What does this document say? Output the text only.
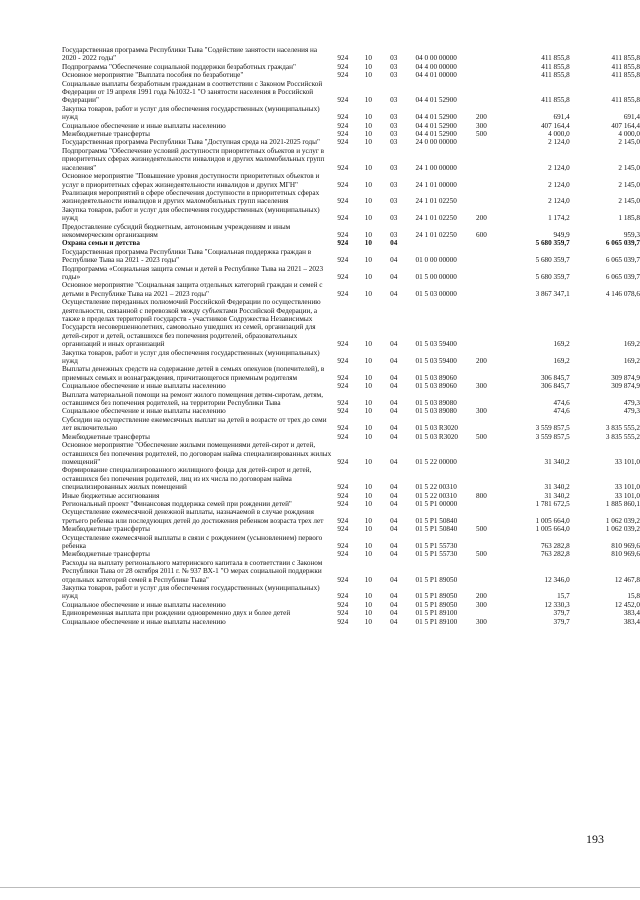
Государственная программа Республики Тыва "Содействие занятости населения на 2020 - 2022 годы"	924	10	03	04 0 00 00000	411 855,8	411 855,8
Подпрограмма "Обеспечение социальной поддержки безработных граждан"	924	10	03	04 4 00 00000	411 855,8	411 855,8
Основное мероприятие "Выплата пособия по безработице"	924	10	03	04 4 01 00000	411 855,8	411 855,8
Социальные выплаты безработным гражданам в соответствии с Законом Российской Федерации от 19 апреля 1991 года №1032-1 "О занятости населения в Российской Федерации"	924	10	03	04 4 01 52900	411 855,8	411 855,8
Закупка товаров, работ и услуг для обеспечения государственных (муниципальных) нужд	924	10	03	04 4 01 52900	200	691,4	691,4
Социальное обеспечение и иные выплаты населению	924	10	03	04 4 01 52900	300	407 164,4	407 164,4
Межбюджетные трансферты	924	10	03	04 4 01 52900	500	4 000,0	4 000,0
Государственная программа Республики Тыва "Доступная среда на 2021-2025 годы"	924	10	03	24 0 00 00000	2 124,0	2 145,0
Подпрограмма "Обеспечение условий доступности приоритетных объектов и услуг в приоритетных сферах жизнедеятельности инвалидов и других маломобильных групп населения"	924	10	03	24 1 00 00000	2 124,0	2 145,0
Основное мероприятие "Повышение уровня доступности приоритетных объектов и услуг в приоритетных сферах жизнедеятельности инвалидов и других МГН"	924	10	03	24 1 01 00000	2 124,0	2 145,0
Реализация мероприятий в сфере обеспечения доступности в приоритетных сферах жизнедеятельности инвалидов и других маломобильных групп населения	924	10	03	24 1 01 02250	2 124,0	2 145,0
Закупка товаров, работ и услуг для обеспечения государственных (муниципальных) нужд	924	10	03	24 1 01 02250	200	1 174,2	1 185,8
Предоставление субсидий бюджетным, автономным учреждениям и иным некоммерческим организациям	924	10	03	24 1 01 02250	600	949,9	959,3
Охрана семьи и детства	924	10	04	5 680 359,7	6 065 039,7
Государственная программа Республики Тыва "Социальная поддержка граждан в Республике Тыва на 2021 - 2023 годы"	924	10	04	01 0 00 00000	5 680 359,7	6 065 039,7
Подпрограмма «Социальная защита семьи и детей в Республике Тыва на 2021 – 2023 годы»	924	10	04	01 5 00 00000	5 680 359,7	6 065 039,7
Основное мероприятие "Социальная защита отдельных категорий граждан и семей с детьми в Республике Тыва на 2021 – 2023 годы"	924	10	04	01 5 03 00000	3 867 347,1	4 146 078,6
Осуществление переданных полномочий Российской Федерации по осуществлению деятельности, связанной с перевозкой между субъектами Российской Федерации, а также в пределах территорий государств - участников Содружества Независимых Государств несовершеннолетних, самовольно ушедших из семей, организаций для детей-сирот и детей, оставшихся без попечения родителей, образовательных организаций и иных организаций	924	10	04	01 5 03 59400	169,2	169,2
Закупка товаров, работ и услуг для обеспечения государственных (муниципальных) нужд	924	10	04	01 5 03 59400	200	169,2	169,2
Выплаты денежных средств на содержание детей в семьях опекунов (попечителей), в приемных семьях и вознаграждения, причитающегося приемным родителям	924	10	04	01 5 03 89060	306 845,7	309 874,9
Социальное обеспечение и иные выплаты населению	924	10	04	01 5 03 89060	300	306 845,7	309 874,9
Выплата материальной помощи на ремонт жилого помещения детям-сиротам, детям, оставшимся без попечения родителей, на территории Республики Тыва	924	10	04	01 5 03 89080	474,6	479,3
Социальное обеспечение и иные выплаты населению	924	10	04	01 5 03 89080	300	474,6	479,3
Субсидии на осуществление ежемесячных выплат на детей в возрасте от трех до семи лет включительно	924	10	04	01 5 03 R3020	3 559 857,5	3 835 555,2
Межбюджетные трансферты	924	10	04	01 5 03 R3020	500	3 559 857,5	3 835 555,2
Основное мероприятие "Обеспечение жилыми помещениями детей-сирот и детей, оставшихся без попечения родителей, по договорам найма специализированных жилых помещений"	924	10	04	01 5 22 00000	31 340,2	33 101,0
Формирование специализированного жилищного фонда для детей-сирот и детей, оставшихся без попечения родителей, лиц из их числа по договорам найма специализированных жилых помещений	924	10	04	01 5 22 00310	31 340,2	33 101,0
Иные бюджетные ассигнования	924	10	04	01 5 22 00310	800	31 340,2	33 101,0
Региональный проект "Финансовая поддержка семей при рождении детей"	924	10	04	01 5 P1 00000	1 781 672,5	1 885 860,1
Осуществление ежемесячной денежной выплаты, назначаемой в случае рождения третьего ребенка или последующих детей до достижения ребенком возраста трех лет	924	10	04	01 5 P1 50840	1 005 664,0	1 062 039,2
Межбюджетные трансферты	924	10	04	01 5 P1 50840	500	1 005 664,0	1 062 039,2
Осуществление ежемесячной выплаты в связи с рождением (усыновлением) первого ребенка	924	10	04	01 5 P1 55730	763 282,8	810 969,6
Межбюджетные трансферты	924	10	04	01 5 P1 55730	500	763 282,8	810 969,6
Расходы на выплату регионального материнского капитала в соответствии с Законом Республики Тыва от 28 октября 2011 г. № 937 ВХ-1 "О мерах социальной поддержки отдельных категорий семей в Республике Тыва"	924	10	04	01 5 P1 89050	12 346,0	12 467,8
Закупка товаров, работ и услуг для обеспечения государственных (муниципальных) нужд	924	10	04	01 5 P1 89050	200	15,7	15,8
Социальное обеспечение и иные выплаты населению	924	10	04	01 5 P1 89050	300	12 330,3	12 452,0
Единовременная выплата при рождении одновременно двух и более детей	924	10	04	01 5 P1 89100	379,7	383,4
Социальное обеспечение и иные выплаты населению	924	10	04	01 5 P1 89100	300	379,7	383,4
193
